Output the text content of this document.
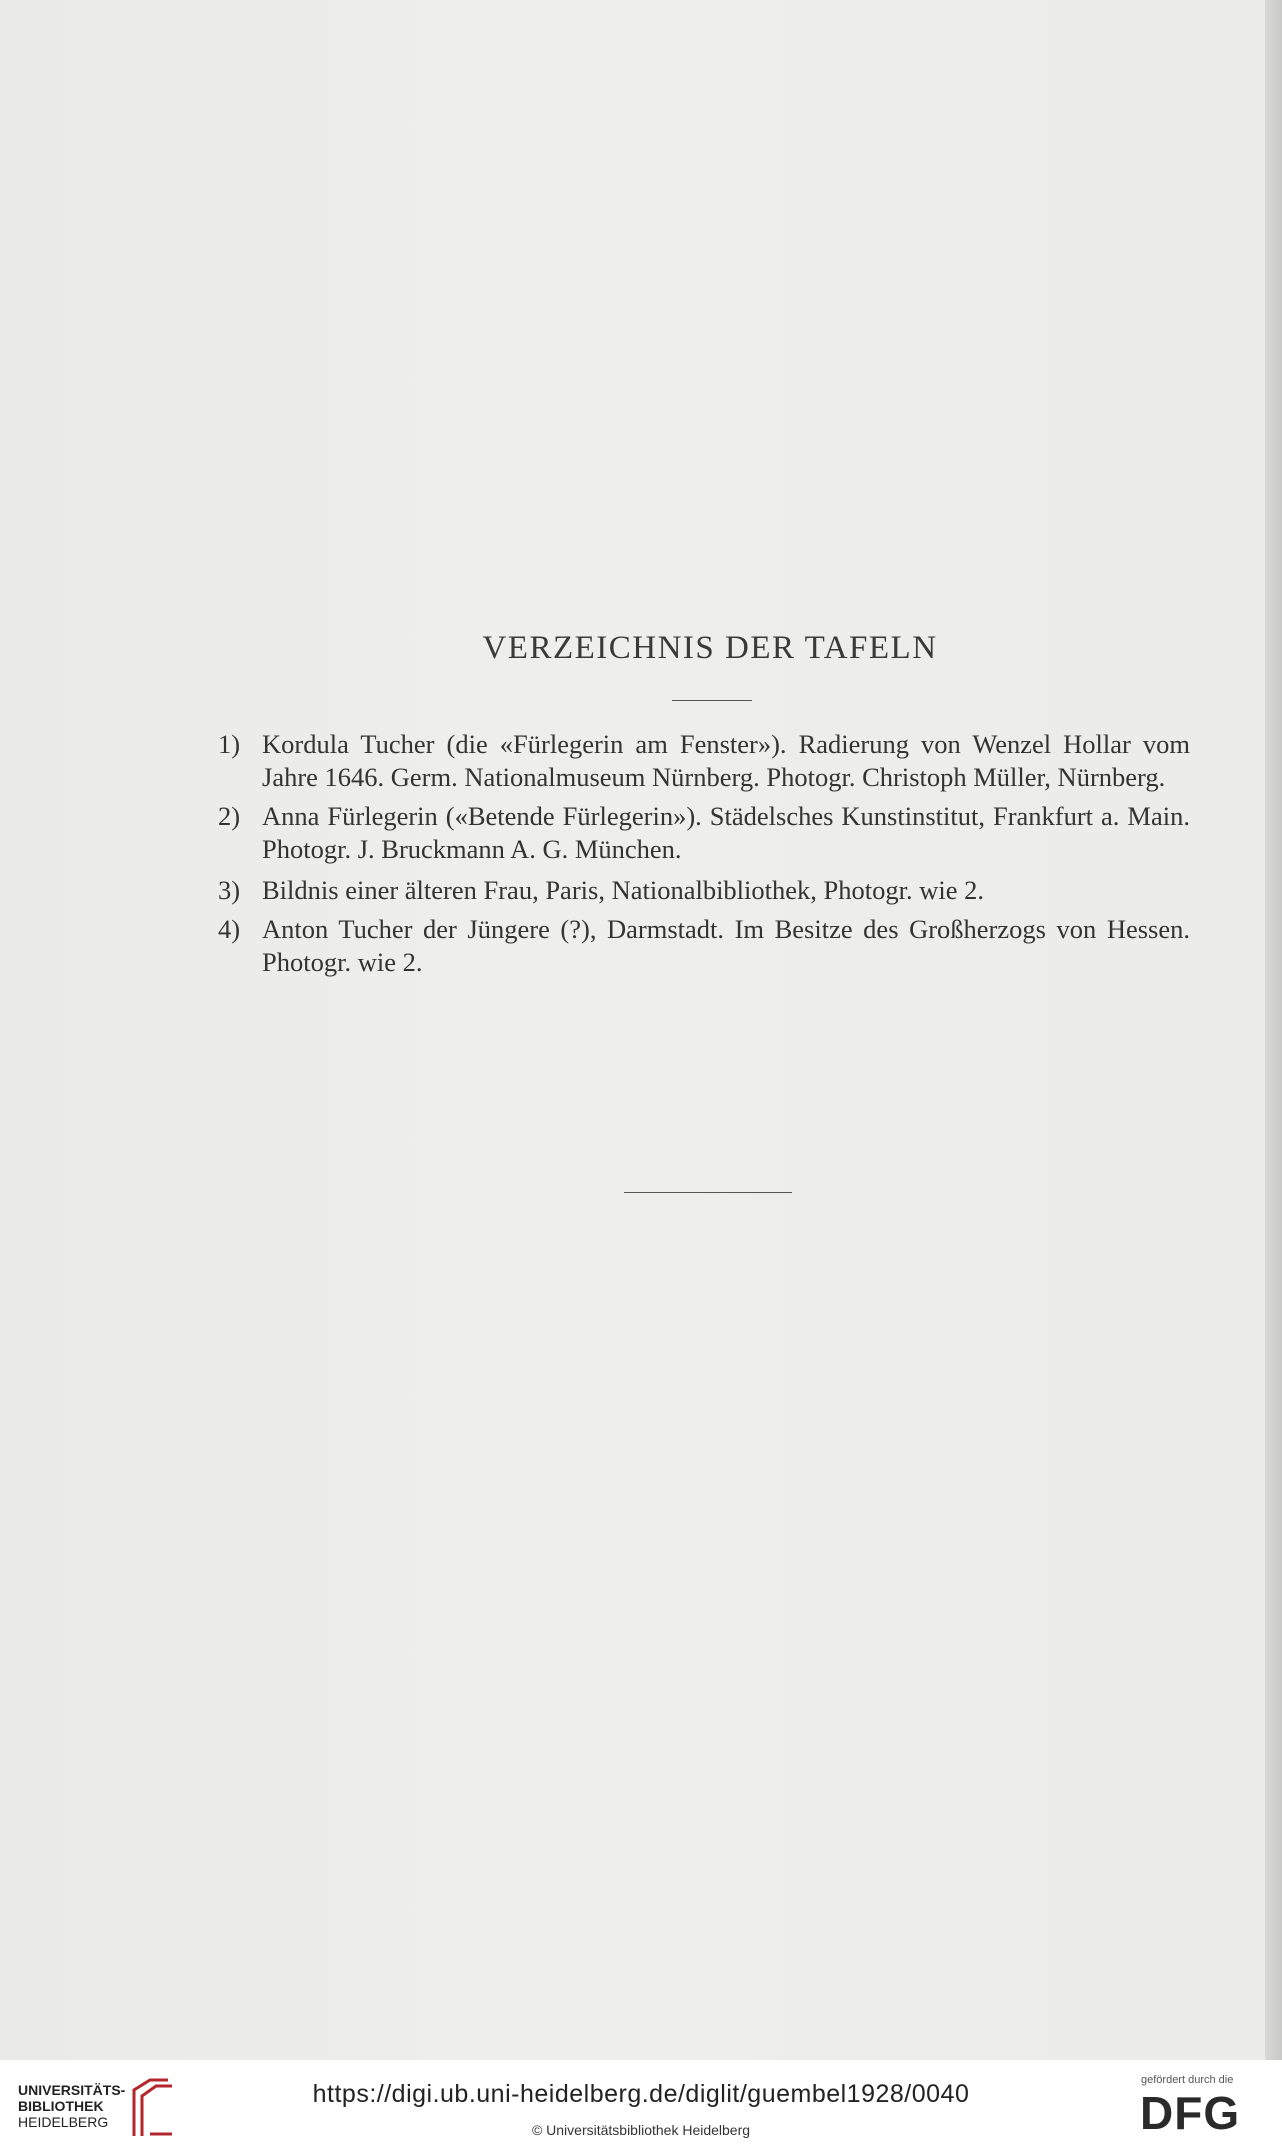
VERZEICHNIS DER TAFELN
1) Kordula Tucher (die «Fürlegerin am Fenster»). Radierung von Wenzel Hollar vom Jahre 1646. Germ. Nationalmuseum Nürnberg. Photogr. Christoph Müller, Nürnberg.
2) Anna Fürlegerin («Betende Fürlegerin»). Städelsches Kunstinstitut, Frankfurt a. Main. Photogr. J. Bruckmann A. G. München.
3) Bildnis einer älteren Frau, Paris, Nationalbibliothek, Photogr. wie 2.
4) Anton Tucher der Jüngere (?), Darmstadt. Im Besitze des Großherzogs von Hessen. Photogr. wie 2.
UNIVERSITÄTS-
BIBLIOTHEK
HEIDELBERG
https://digi.ub.uni-heidelberg.de/diglit/guembel1928/0040
© Universitätsbibliothek Heidelberg
gefördert durch die
DFG
